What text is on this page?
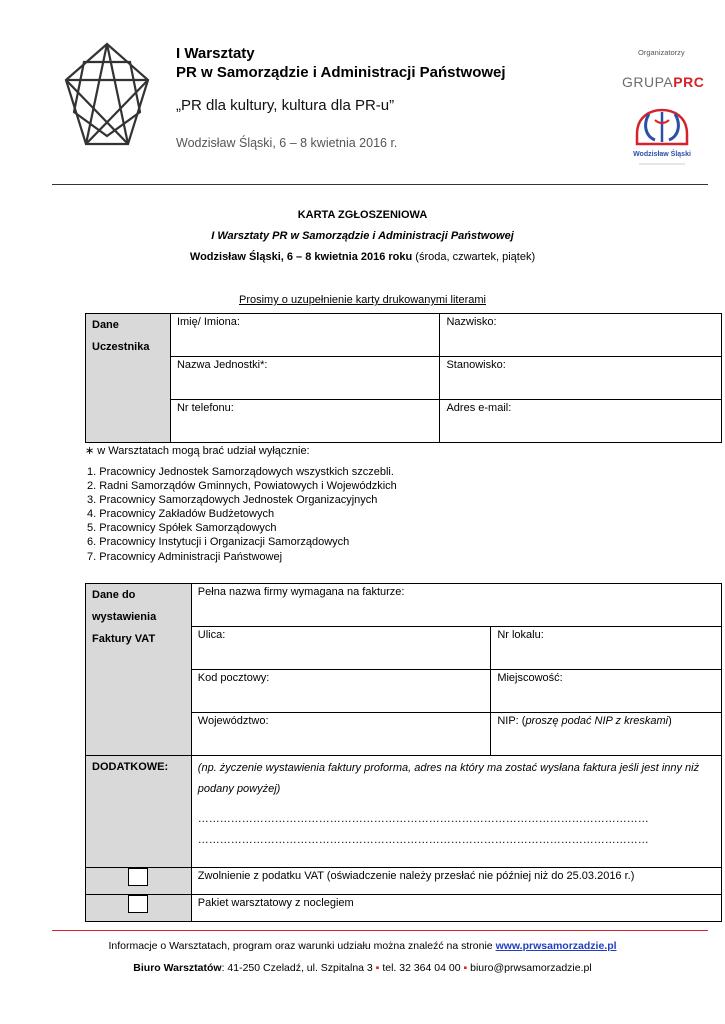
I Warsztaty
PR w Samorządzie i Administracji Państwowej
„PR dla kultury, kultura dla PR-u”
Wodzisław Śląski, 6 – 8 kwietnia 2016 r.
Organizatorzy
GRUPAPRC
Wodzisław Śląski
KARTA ZGŁOSZENIOWA
I Warsztaty PR w Samorządzie i Administracji Państwowej
Wodzisław Śląski, 6 – 8 kwietnia 2016 roku (środa, czwartek, piątek)
Prosimy o uzupełnienie karty drukowanymi literami
Dane
Uczestnika	Imię/ Imiona:	Nazwisko:
	Nazwa Jednostki*:	Stanowisko:
	Nr telefonu:	Adres e-mail:
∗ w Warsztatach mogą brać udział wyłącznie:
1. Pracownicy Jednostek Samorządowych wszystkich szczebli.
2. Radni Samorządów Gminnych, Powiatowych i Wojewódzkich
3. Pracownicy Samorządowych Jednostek Organizacyjnych
4. Pracownicy Zakładów Budżetowych
5. Pracownicy Spółek Samorządowych
6. Pracownicy Instytucji i Organizacji Samorządowych
7. Pracownicy Administracji Państwowej
Dane do
wystawienia
Faktury VAT	Pełna nazwa firmy wymagana na fakturze:	
	Ulica:	Nr lokalu:
	Kod pocztowy:	Miejscowość:
	Województwo:	NIP: (proszę podać NIP z kreskami)
DODATKOWE:	(np. życzenie wystawienia faktury proforma, adres na który ma zostać wysłana faktura jeśli jest inny niż podany powyżej)
……………………………………………………………………………………………………………
……………………………………………………………………………………………………………	

	Zwolnienie z podatku VAT (oświadczenie należy przesłać nie później niż do 25.03.2016 r.)	
	Pakiet warsztatowy z noclegiem	
Informacje o Warsztatach, program oraz warunki udziału można znaleźć na stronie www.prwsamorzadzie.pl
Biuro Warsztatów: 41-250 Czeladź, ul. Szpitalna 3 ▪ tel. 32 364 04 00 ▪ biuro@prwsamorzadzie.pl
